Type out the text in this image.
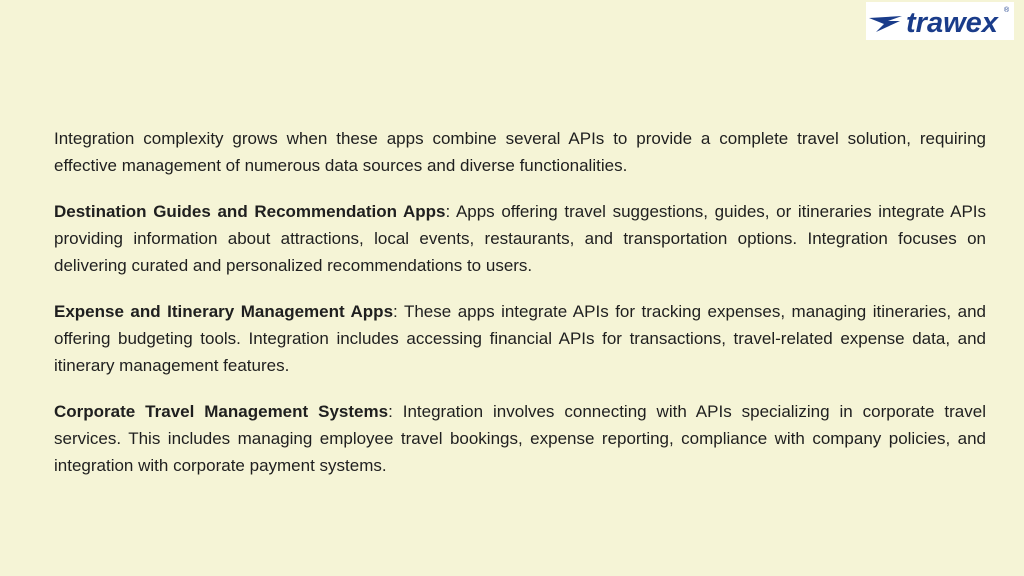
trawex ®

Integration complexity grows when these apps combine several APIs to provide a complete travel solution, requiring effective management of numerous data sources and diverse functionalities.

Destination Guides and Recommendation Apps: Apps offering travel suggestions, guides, or itineraries integrate APIs providing information about attractions, local events, restaurants, and transportation options. Integration focuses on delivering curated and personalized recommendations to users.

Expense and Itinerary Management Apps: These apps integrate APIs for tracking expenses, managing itineraries, and offering budgeting tools. Integration includes accessing financial APIs for transactions, travel-related expense data, and itinerary management features.

Corporate Travel Management Systems: Integration involves connecting with APIs specializing in corporate travel services. This includes managing employee travel bookings, expense reporting, compliance with company policies, and integration with corporate payment systems.
